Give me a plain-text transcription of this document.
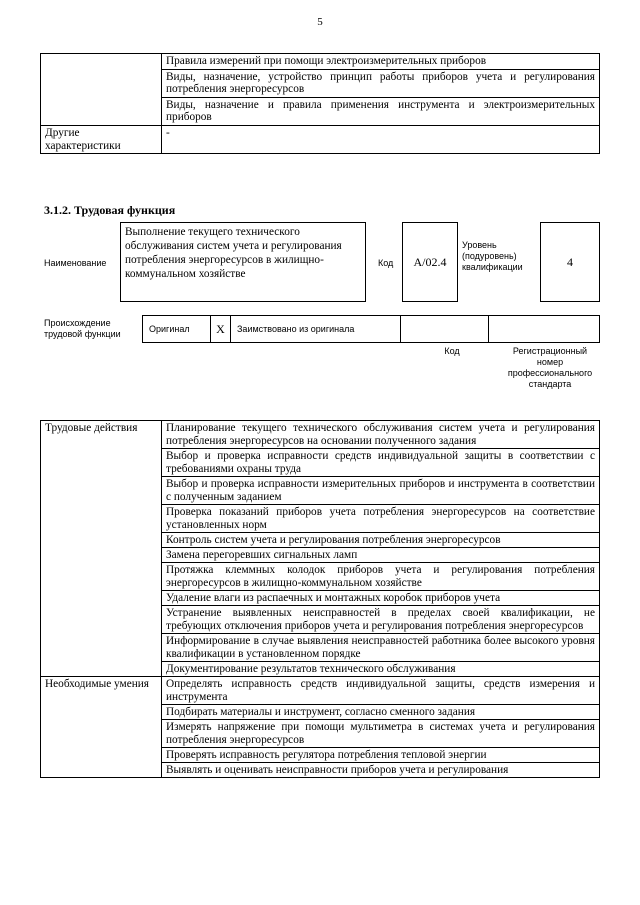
5
	Правила измерений при помощи электроизмерительных приборов
	Виды, назначение, устройство принцип работы приборов учета и регулирования потребления энергоресурсов
	Виды, назначение и правила применения инструмента и электроизмерительных приборов
Другие характеристики	-
3.1.2. Трудовая функция
Наименование
Выполнение текущего технического обслуживания систем учета и регулирования потребления энергоресурсов в жилищно-коммунальном хозяйстве
Код	A/02.4
Уровень (подуровень) квалификации	4
Происхождение трудовой функции
Оригинал	X	Заимствовано из оригинала		
Код	Регистрационный номер профессионального стандарта
Трудовые действия	Планирование текущего технического обслуживания систем учета и регулирования потребления энергоресурсов на основании полученного задания
	Выбор и проверка исправности средств индивидуальной защиты в соответствии с требованиями охраны труда
	Выбор и проверка исправности измерительных приборов и инструмента в соответствии с полученным заданием
	Проверка показаний приборов учета потребления энергоресурсов на соответствие установленных норм
	Контроль систем учета и регулирования потребления энергоресурсов
	Замена перегоревших сигнальных ламп
	Протяжка клеммных колодок приборов учета и регулирования потребления энергоресурсов в жилищно-коммунальном хозяйстве
	Удаление влаги из распаечных и монтажных коробок приборов учета
	Устранение выявленных неисправностей в пределах своей квалификации, не требующих отключения приборов учета и регулирования потребления энергоресурсов
	Информирование в случае выявления неисправностей работника более высокого уровня квалификации в установленном порядке
	Документирование результатов технического обслуживания
Необходимые умения	Определять исправность средств индивидуальной защиты, средств измерения и инструмента
	Подбирать материалы и инструмент, согласно сменного задания
	Измерять напряжение при помощи мультиметра в системах учета и регулирования потребления энергоресурсов
	Проверять исправность регулятора потребления тепловой энергии
	Выявлять и оценивать неисправности приборов учета и регулирования
